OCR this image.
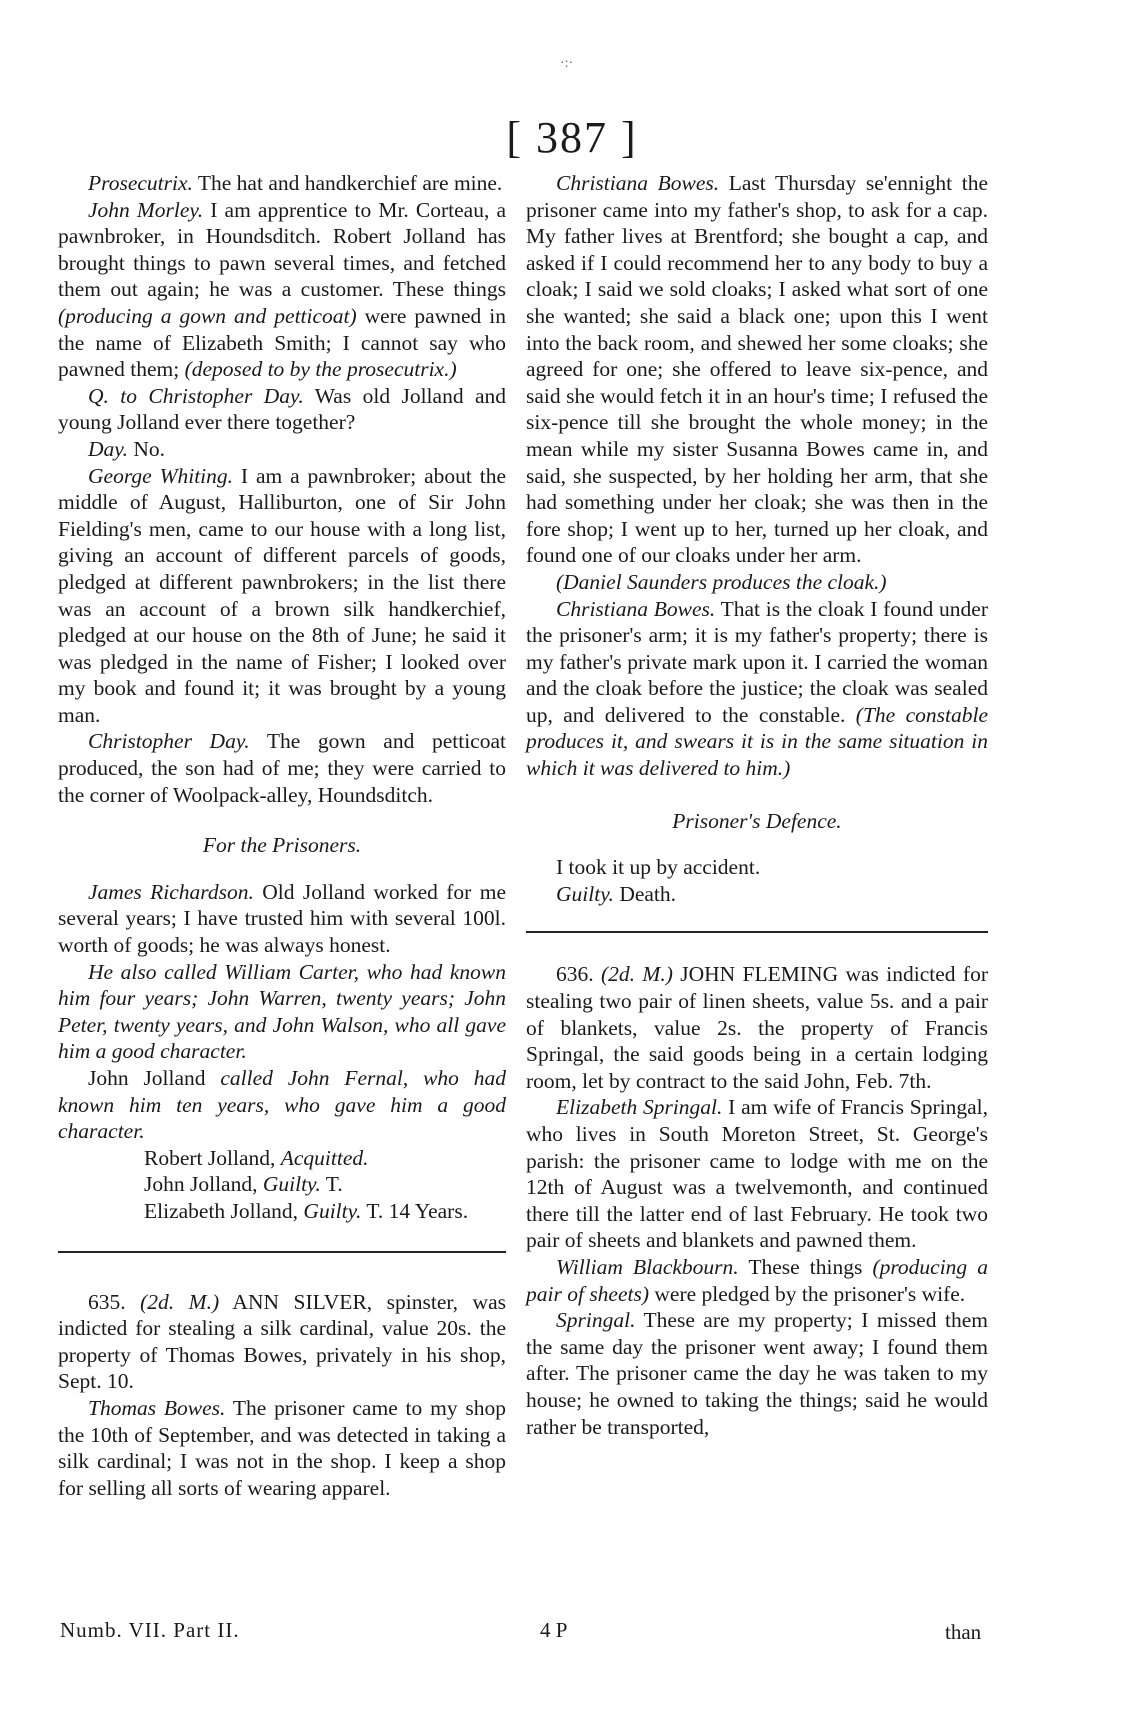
·:·
[ 387 ]

Prosecutrix. The hat and handkerchief are mine.

John Morley. I am apprentice to Mr. Corteau, a pawnbroker, in Houndsditch. Robert Jolland has brought things to pawn several times, and fetched them out again; he was a customer. These things (producing a gown and petticoat) were pawned in the name of Elizabeth Smith; I cannot say who pawned them; (deposed to by the prosecutrix.)

Q. to Christopher Day. Was old Jolland and young Jolland ever there together?

Day. No.

George Whiting. I am a pawnbroker; about the middle of August, Halliburton, one of Sir John Fielding's men, came to our house with a long list, giving an account of different parcels of goods, pledged at different pawnbrokers; in the list there was an account of a brown silk handkerchief, pledged at our house on the 8th of June; he said it was pledged in the name of Fisher; I looked over my book and found it; it was brought by a young man.

Christopher Day. The gown and petticoat produced, the son had of me; they were carried to the corner of Woolpack-alley, Houndsditch.

For the Prisoners.

James Richardson. Old Jolland worked for me several years; I have trusted him with several 100l. worth of goods; he was always honest.

He also called William Carter, who had known him four years; John Warren, twenty years; John Peter, twenty years, and John Walson, who all gave him a good character.

John Jolland called John Fernal, who had known him ten years, who gave him a good character.

Robert Jolland, Acquitted.

John Jolland, Guilty. T.

Elizabeth Jolland, Guilty. T. 14 Years.

635. (2d. M.) ANN SILVER, spinster, was indicted for stealing a silk cardinal, value 20s. the property of Thomas Bowes, privately in his shop, Sept. 10.

Thomas Bowes. The prisoner came to my shop the 10th of September, and was detected in taking a silk cardinal; I was not in the shop. I keep a shop for selling all sorts of wearing apparel.

Numb. VII. Part II.

Christiana Bowes. Last Thursday se'ennight the prisoner came into my father's shop, to ask for a cap. My father lives at Brentford; she bought a cap, and asked if I could recommend her to any body to buy a cloak; I said we sold cloaks; I asked what sort of one she wanted; she said a black one; upon this I went into the back room, and shewed her some cloaks; she agreed for one; she offered to leave six-pence, and said she would fetch it in an hour's time; I refused the six-pence till she brought the whole money; in the mean while my sister Susanna Bowes came in, and said, she suspected, by her holding her arm, that she had something under her cloak; she was then in the fore shop; I went up to her, turned up her cloak, and found one of our cloaks under her arm.

(Daniel Saunders produces the cloak.)

Christiana Bowes. That is the cloak I found under the prisoner's arm; it is my father's property; there is my father's private mark upon it. I carried the woman and the cloak before the justice; the cloak was sealed up, and delivered to the constable. (The constable produces it, and swears it is in the same situation in which it was delivered to him.)

Prisoner's Defence.

I took it up by accident.

Guilty. Death.

636. (2d. M.) JOHN FLEMING was indicted for stealing two pair of linen sheets, value 5s. and a pair of blankets, value 2s. the property of Francis Springal, the said goods being in a certain lodging room, let by contract to the said John, Feb. 7th.

Elizabeth Springal. I am wife of Francis Springal, who lives in South Moreton Street, St. George's parish: the prisoner came to lodge with me on the 12th of August was a twelvemonth, and continued there till the latter end of last February. He took two pair of sheets and blankets and pawned them.

William Blackbourn. These things (producing a pair of sheets) were pledged by the prisoner's wife.

Springal. These are my property; I missed them the same day the prisoner went away; I found them after. The prisoner came the day he was taken to my house; he owned to taking the things; said he would rather be transported,

4 P	than
